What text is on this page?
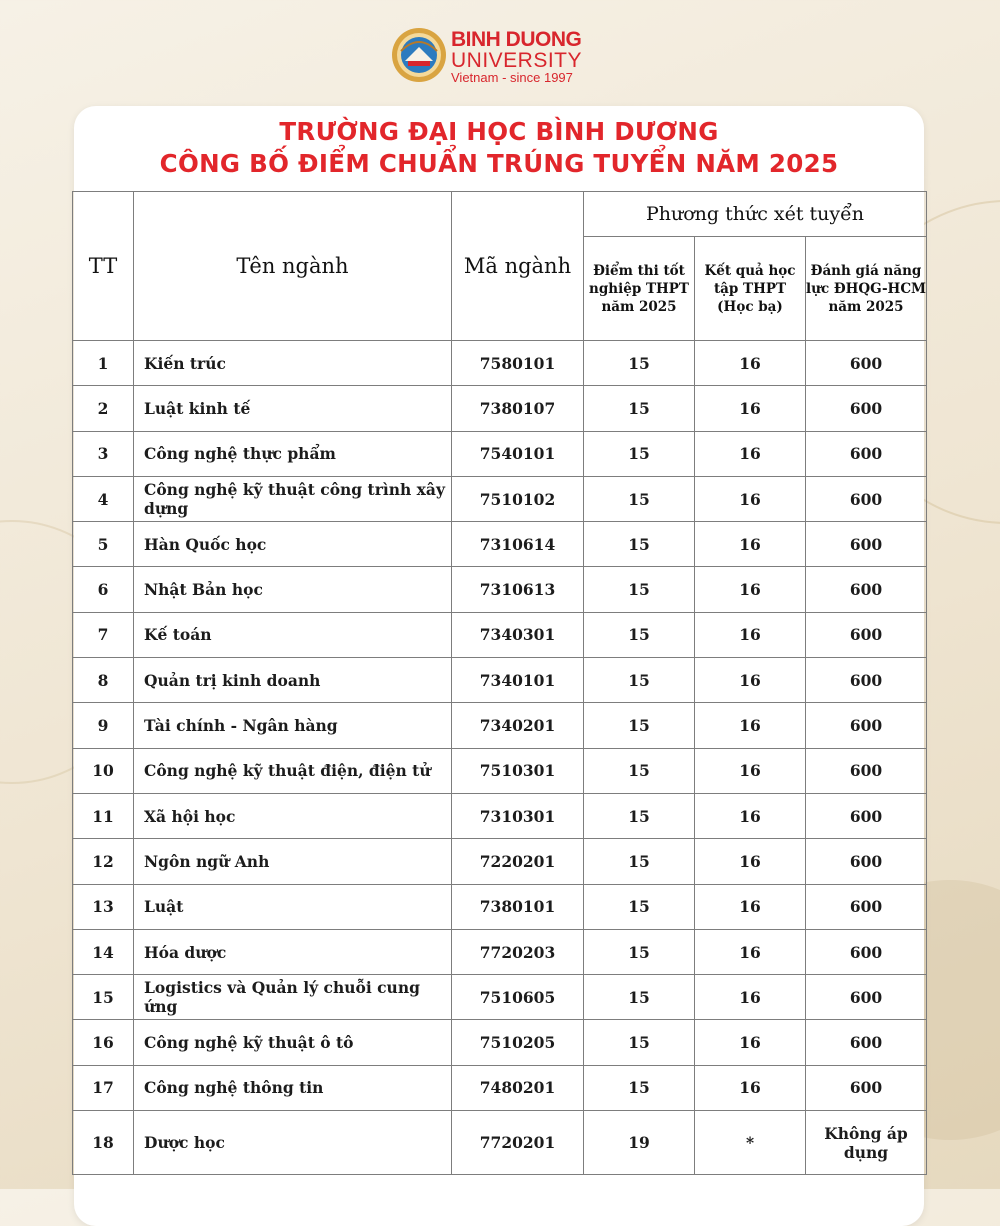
BINH DUONG
UNIVERSITY
Vietnam - since 1997
TRƯỜNG ĐẠI HỌC BÌNH DƯƠNG
CÔNG BỐ ĐIỂM CHUẨN TRÚNG TUYỂN NĂM 2025
TT	Tên ngành	Mã ngành	Phương thức xét tuyển		
			Điểm thi tốt nghiệp THPT năm 2025	Kết quả học tập THPT (Học bạ)	Đánh giá năng lực ĐHQG-HCM năm 2025
1	Kiến trúc	7580101	15	16	600
2	Luật kinh tế	7380107	15	16	600
3	Công nghệ thực phẩm	7540101	15	16	600
4	Công nghệ kỹ thuật công trình xây dựng	7510102	15	16	600
5	Hàn Quốc học	7310614	15	16	600
6	Nhật Bản học	7310613	15	16	600
7	Kế toán	7340301	15	16	600
8	Quản trị kinh doanh	7340101	15	16	600
9	Tài chính - Ngân hàng	7340201	15	16	600
10	Công nghệ kỹ thuật điện, điện tử	7510301	15	16	600
11	Xã hội học	7310301	15	16	600
12	Ngôn ngữ Anh	7220201	15	16	600
13	Luật	7380101	15	16	600
14	Hóa dược	7720203	15	16	600
15	Logistics và Quản lý chuỗi cung ứng	7510605	15	16	600
16	Công nghệ kỹ thuật ô tô	7510205	15	16	600
17	Công nghệ thông tin	7480201	15	16	600
18	Dược học	7720201	19	*	Không áp dụng
